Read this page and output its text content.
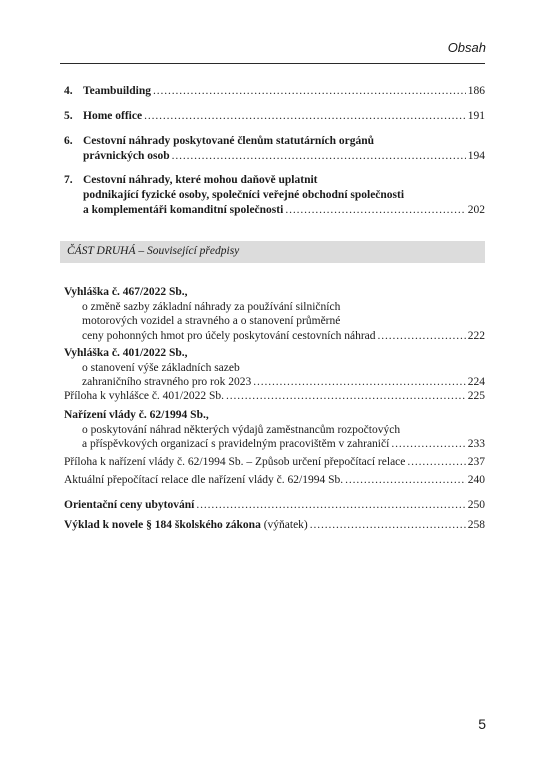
Obsah
4. Teambuilding . . .	186
5. Home office . . .	191
6. Cestovní náhrady poskytované členům statutárních orgánů
právnických osob . . .	194
7. Cestovní náhrady, které mohou daňově uplatnit
podnikající fyzické osoby, společníci veřejné obchodní společnosti
a komplementáři komanditní společnosti . . .	202
ČÁST DRUHÁ – Související předpisy
Vyhláška č. 467/2022 Sb.,
o změně sazby základní náhrady za používání silničních
motorových vozidel a stravného a o stanovení průměrné
ceny pohonných hmot pro účely poskytování cestovních náhrad . . .	222
Vyhláška č. 401/2022 Sb.,
o stanovení výše základních sazeb
zahraničního stravného pro rok 2023 . . .	224
Příloha k vyhlášce č. 401/2022 Sb. . . .	225
Nařízení vlády č. 62/1994 Sb.,
o poskytování náhrad některých výdajů zaměstnancům rozpočtových
a příspěvkových organizací s pravidelným pracovištěm v zahraničí . . .	233
Příloha k nařízení vlády č. 62/1994 Sb. – Způsob určení přepočítací relace . . .	237
Aktuální přepočítací relace dle nařízení vlády č. 62/1994 Sb. . . .	240
Orientační ceny ubytování . . .	250
Výklad k novele § 184 školského zákona (výňatek) . . .	258
5
